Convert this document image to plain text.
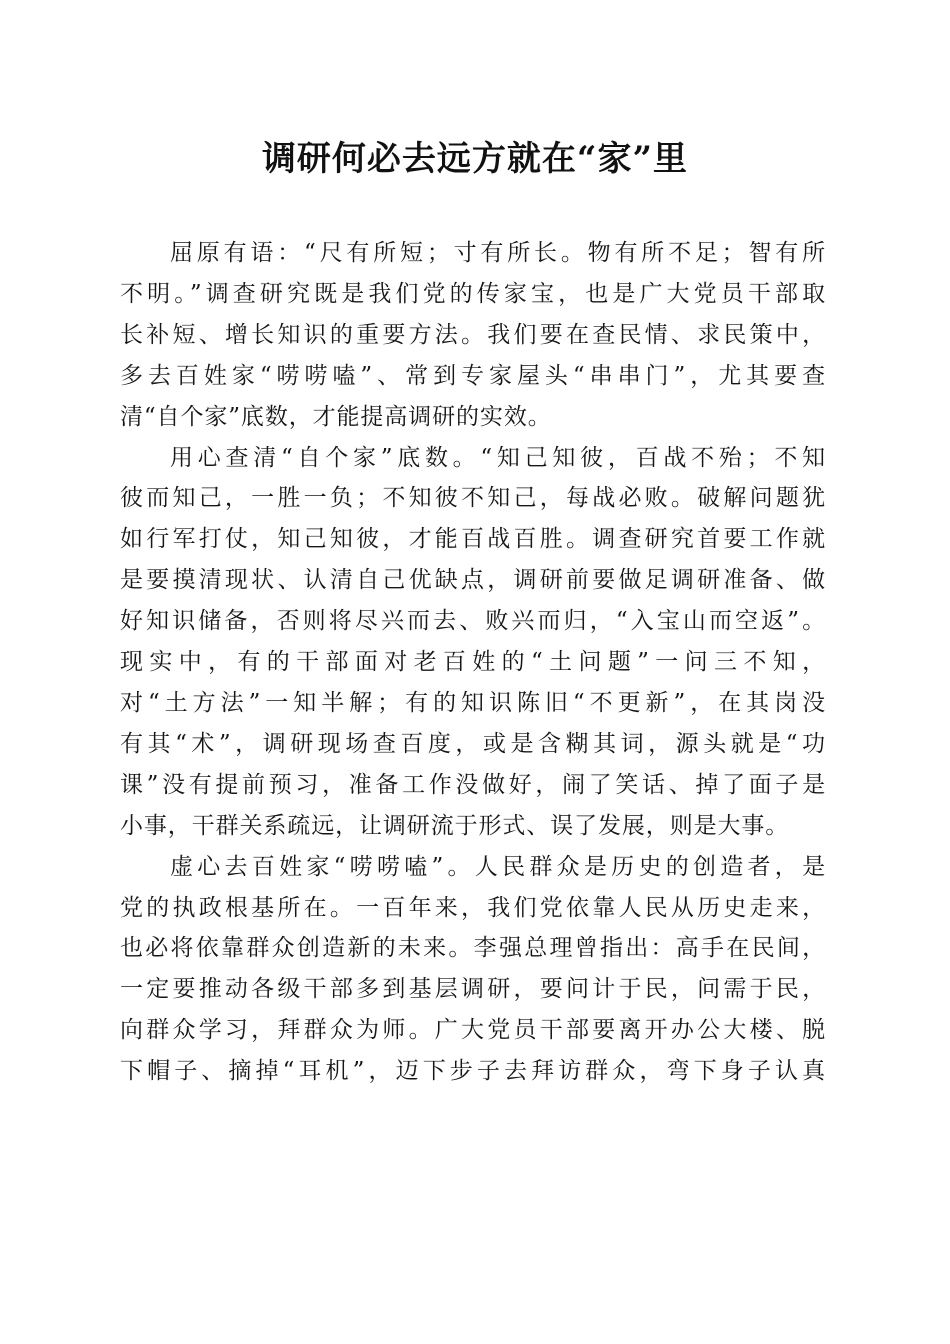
调研何必去远方就在“家”里
屈原有语：“尺有所短；寸有所长。物有所不足；智有所
不明。”调查研究既是我们党的传家宝，也是广大党员干部取
长补短、增长知识的重要方法。我们要在查民情、求民策中，
多去百姓家“唠唠嗑”、常到专家屋头“串串门”，尤其要查
清“自个家”底数，才能提高调研的实效。
用心查清“自个家”底数。“知己知彼，百战不殆；不知
彼而知己，一胜一负；不知彼不知己，每战必败。破解问题犹
如行军打仗，知己知彼，才能百战百胜。调查研究首要工作就
是要摸清现状、认清自己优缺点，调研前要做足调研准备、做
好知识储备，否则将尽兴而去、败兴而归，“入宝山而空返”。
现实中，有的干部面对老百姓的“土问题”一问三不知，
对“土方法”一知半解；有的知识陈旧“不更新”，在其岗没
有其“术”，调研现场查百度，或是含糊其词，源头就是“功
课”没有提前预习，准备工作没做好，闹了笑话、掉了面子是
小事，干群关系疏远，让调研流于形式、误了发展，则是大事。
虚心去百姓家“唠唠嗑”。人民群众是历史的创造者，是
党的执政根基所在。一百年来，我们党依靠人民从历史走来，
也必将依靠群众创造新的未来。李强总理曾指出：高手在民间，
一定要推动各级干部多到基层调研，要问计于民，问需于民，
向群众学习，拜群众为师。广大党员干部要离开办公大楼、脱
下帽子、摘掉“耳机”，迈下步子去拜访群众，弯下身子认真
